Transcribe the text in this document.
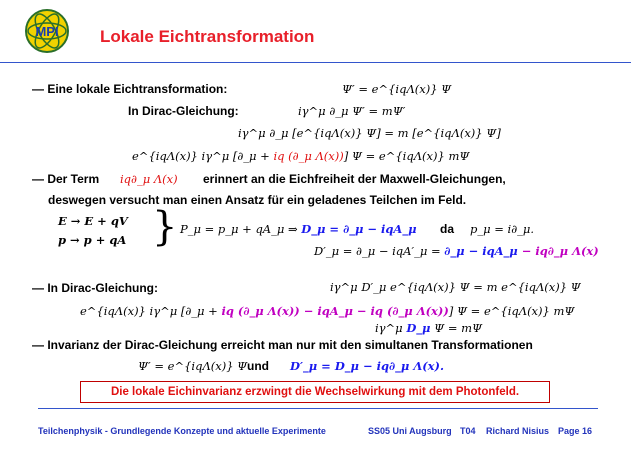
MPI Lokale Eichtransformation
— Eine lokale Eichtransformation:	Ψ′ = e^{iqΛ(x)} Ψ
In Dirac-Gleichung:	iγ^μ ∂_μ Ψ′ = mΨ′
iγ^μ ∂_μ [e^{iqΛ(x)} Ψ] = m [e^{iqΛ(x)} Ψ]
e^{iqΛ(x)} iγ^μ [∂_μ + iq (∂_μ Λ(x))] Ψ = e^{iqΛ(x)} mΨ
— Der Term iq∂_μ Λ(x) erinnert an die Eichfreiheit der Maxwell-Gleichungen,
deswegen versucht man einen Ansatz für ein geladenes Teilchen im Feld.
E → E + qV
p → p + qA } P_μ = p_μ + qA_μ ⇒ D_μ = ∂_μ − iqA_μ da p_μ = i∂_μ.
D′_μ = ∂_μ − iqA′_μ = ∂_μ − iqA_μ − iq∂_μ Λ(x)
— In Dirac-Gleichung:	iγ^μ D′_μ e^{iqΛ(x)} Ψ = m e^{iqΛ(x)} Ψ
e^{iqΛ(x)} iγ^μ [∂_μ + iq (∂_μ Λ(x)) − iqA_μ − iq (∂_μ Λ(x))] Ψ = e^{iqΛ(x)} mΨ
iγ^μ D_μ Ψ = mΨ
— Invarianz der Dirac-Gleichung erreicht man nur mit den simultanen Transformationen
Ψ′ = e^{iqΛ(x)} Ψ und D′_μ = D_μ − iq∂_μ Λ(x).
Die lokale Eichinvarianz erzwingt die Wechselwirkung mit dem Photonfeld.
Teilchenphysik - Grundlegende Konzepte und aktuelle Experimente	SS05 Uni Augsburg T04 Richard Nisius Page 16
